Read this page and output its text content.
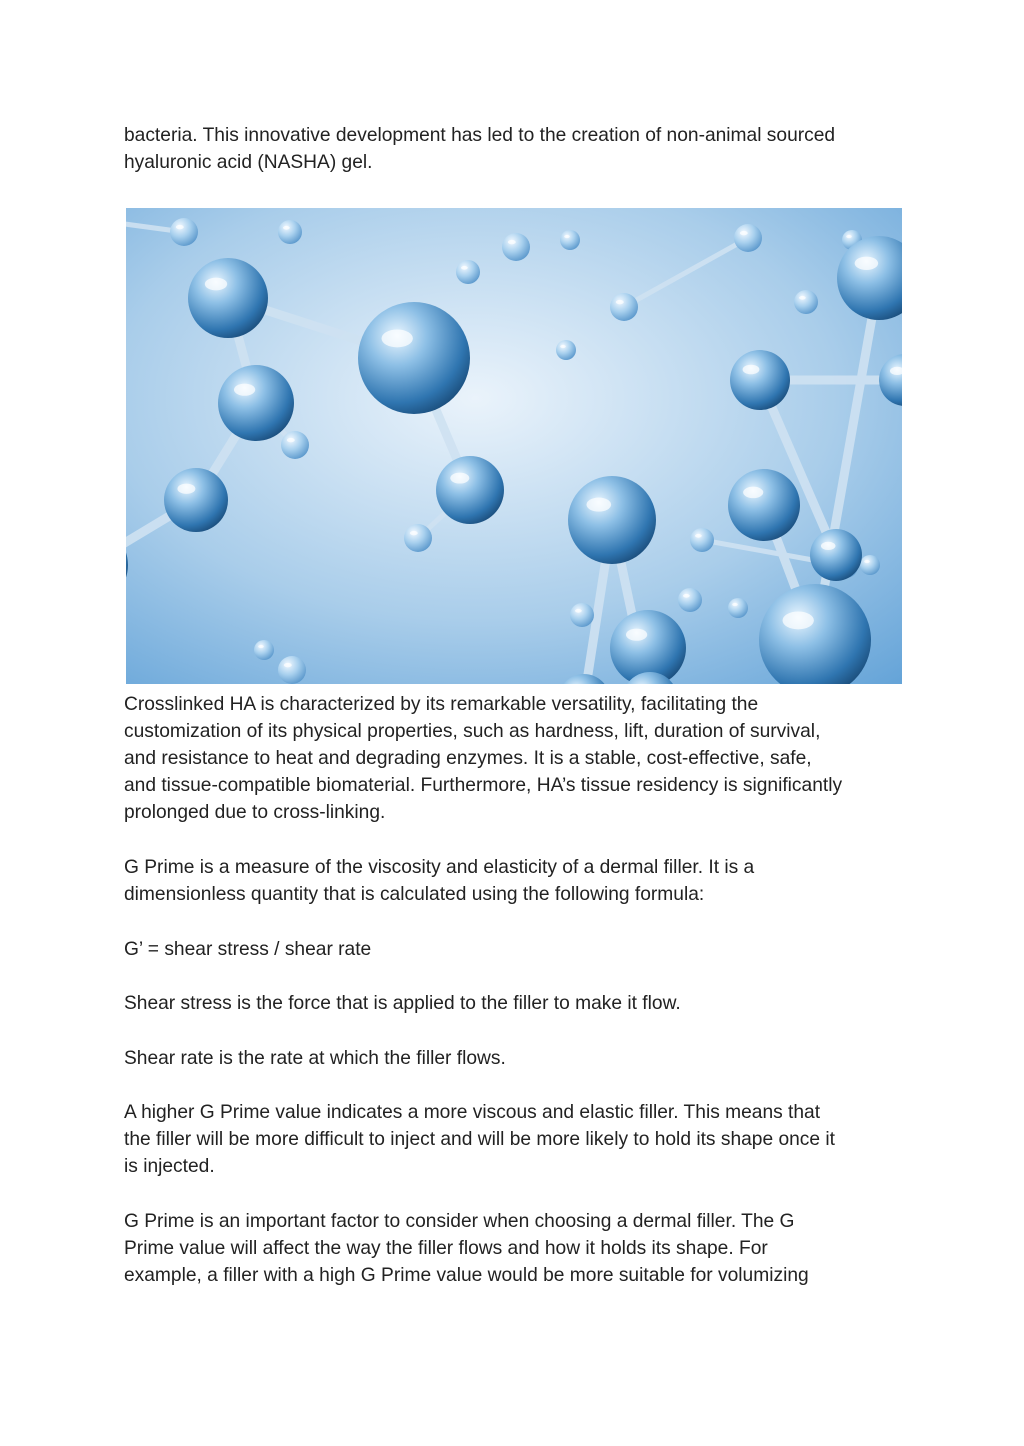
bacteria. This innovative development has led to the creation of non-animal sourced
hyaluronic acid (NASHA) gel.

Crosslinked HA is characterized by its remarkable versatility, facilitating the
customization of its physical properties, such as hardness, lift, duration of survival,
and resistance to heat and degrading enzymes. It is a stable, cost-effective, safe,
and tissue-compatible biomaterial. Furthermore, HA’s tissue residency is significantly
prolonged due to cross-linking.

G Prime is a measure of the viscosity and elasticity of a dermal filler. It is a
dimensionless quantity that is calculated using the following formula:

G’ = shear stress / shear rate

Shear stress is the force that is applied to the filler to make it flow.

Shear rate is the rate at which the filler flows.

A higher G Prime value indicates a more viscous and elastic filler. This means that
the filler will be more difficult to inject and will be more likely to hold its shape once it
is injected.

G Prime is an important factor to consider when choosing a dermal filler. The G
Prime value will affect the way the filler flows and how it holds its shape. For
example, a filler with a high G Prime value would be more suitable for volumizing
